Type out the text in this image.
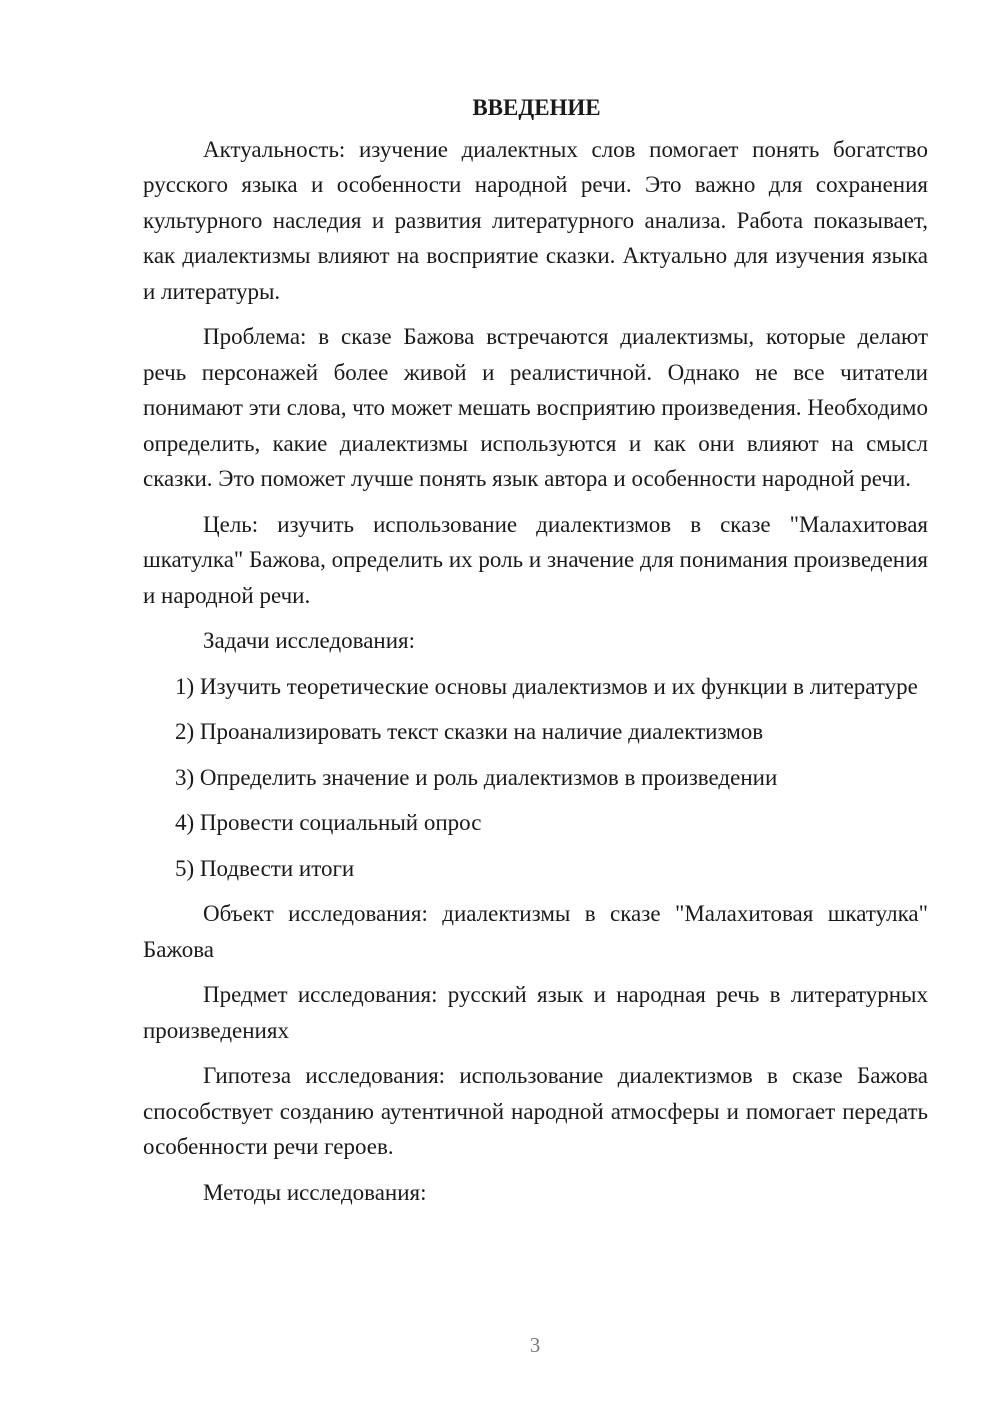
ВВЕДЕНИЕ

Актуальность: изучение диалектных слов помогает понять богатство русского языка и особенности народной речи. Это важно для сохранения культурного наследия и развития литературного анализа. Работа показывает, как диалектизмы влияют на восприятие сказки. Актуально для изучения языка и литературы.

Проблема: в сказе Бажова встречаются диалектизмы, которые делают речь персонажей более живой и реалистичной. Однако не все читатели понимают эти слова, что может мешать восприятию произведения. Необходимо определить, какие диалектизмы используются и как они влияют на смысл сказки. Это поможет лучше понять язык автора и особенности народной речи.

Цель: изучить использование диалектизмов в сказе "Малахитовая шкатулка" Бажова, определить их роль и значение для понимания произведения и народной речи.

Задачи исследования:

1) Изучить теоретические основы диалектизмов и их функции в литературе

2) Проанализировать текст сказки на наличие диалектизмов

3) Определить значение и роль диалектизмов в произведении

4) Провести социальный опрос

5) Подвести итоги

Объект исследования: диалектизмы в сказе "Малахитовая шкатулка" Бажова

Предмет исследования: русский язык и народная речь в литературных произведениях

Гипотеза исследования: использование диалектизмов в сказе Бажова способствует созданию аутентичной народной атмосферы и помогает передать особенности речи героев.

Методы исследования:

3
